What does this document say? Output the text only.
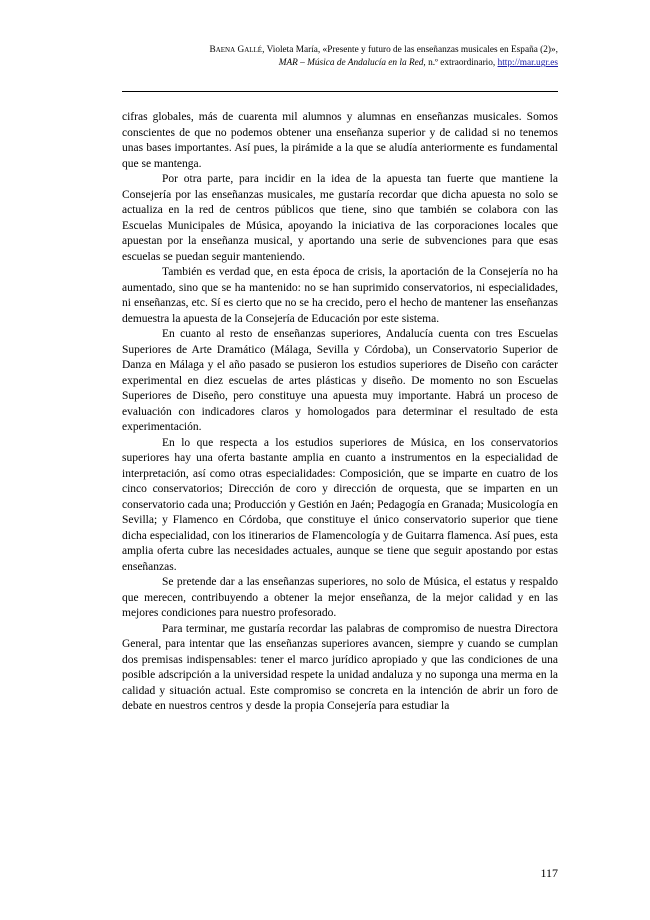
Baena Gallé, Violeta María, «Presente y futuro de las enseñanzas musicales en España (2)»,
MAR – Música de Andalucía en la Red, n.º extraordinario, http://mar.ugr.es

cifras globales, más de cuarenta mil alumnos y alumnas en enseñanzas musicales. Somos conscientes de que no podemos obtener una enseñanza superior y de calidad si no tenemos unas bases importantes. Así pues, la pirámide a la que se aludía anteriormente es fundamental que se mantenga.

Por otra parte, para incidir en la idea de la apuesta tan fuerte que mantiene la Consejería por las enseñanzas musicales, me gustaría recordar que dicha apuesta no solo se actualiza en la red de centros públicos que tiene, sino que también se colabora con las Escuelas Municipales de Música, apoyando la iniciativa de las corporaciones locales que apuestan por la enseñanza musical, y aportando una serie de subvenciones para que esas escuelas se puedan seguir manteniendo.

También es verdad que, en esta época de crisis, la aportación de la Consejería no ha aumentado, sino que se ha mantenido: no se han suprimido conservatorios, ni especialidades, ni enseñanzas, etc. Sí es cierto que no se ha crecido, pero el hecho de mantener las enseñanzas demuestra la apuesta de la Consejería de Educación por este sistema.

En cuanto al resto de enseñanzas superiores, Andalucía cuenta con tres Escuelas Superiores de Arte Dramático (Málaga, Sevilla y Córdoba), un Conservatorio Superior de Danza en Málaga y el año pasado se pusieron los estudios superiores de Diseño con carácter experimental en diez escuelas de artes plásticas y diseño. De momento no son Escuelas Superiores de Diseño, pero constituye una apuesta muy importante. Habrá un proceso de evaluación con indicadores claros y homologados para determinar el resultado de esta experimentación.

En lo que respecta a los estudios superiores de Música, en los conservatorios superiores hay una oferta bastante amplia en cuanto a instrumentos en la especialidad de interpretación, así como otras especialidades: Composición, que se imparte en cuatro de los cinco conservatorios; Dirección de coro y dirección de orquesta, que se imparten en un conservatorio cada una; Producción y Gestión en Jaén; Pedagogía en Granada; Musicología en Sevilla; y Flamenco en Córdoba, que constituye el único conservatorio superior que tiene dicha especialidad, con los itinerarios de Flamencología y de Guitarra flamenca. Así pues, esta amplia oferta cubre las necesidades actuales, aunque se tiene que seguir apostando por estas enseñanzas.

Se pretende dar a las enseñanzas superiores, no solo de Música, el estatus y respaldo que merecen, contribuyendo a obtener la mejor enseñanza, de la mejor calidad y en las mejores condiciones para nuestro profesorado.

Para terminar, me gustaría recordar las palabras de compromiso de nuestra Directora General, para intentar que las enseñanzas superiores avancen, siempre y cuando se cumplan dos premisas indispensables: tener el marco jurídico apropiado y que las condiciones de una posible adscripción a la universidad respete la unidad andaluza y no suponga una merma en la calidad y situación actual. Este compromiso se concreta en la intención de abrir un foro de debate en nuestros centros y desde la propia Consejería para estudiar la

117
